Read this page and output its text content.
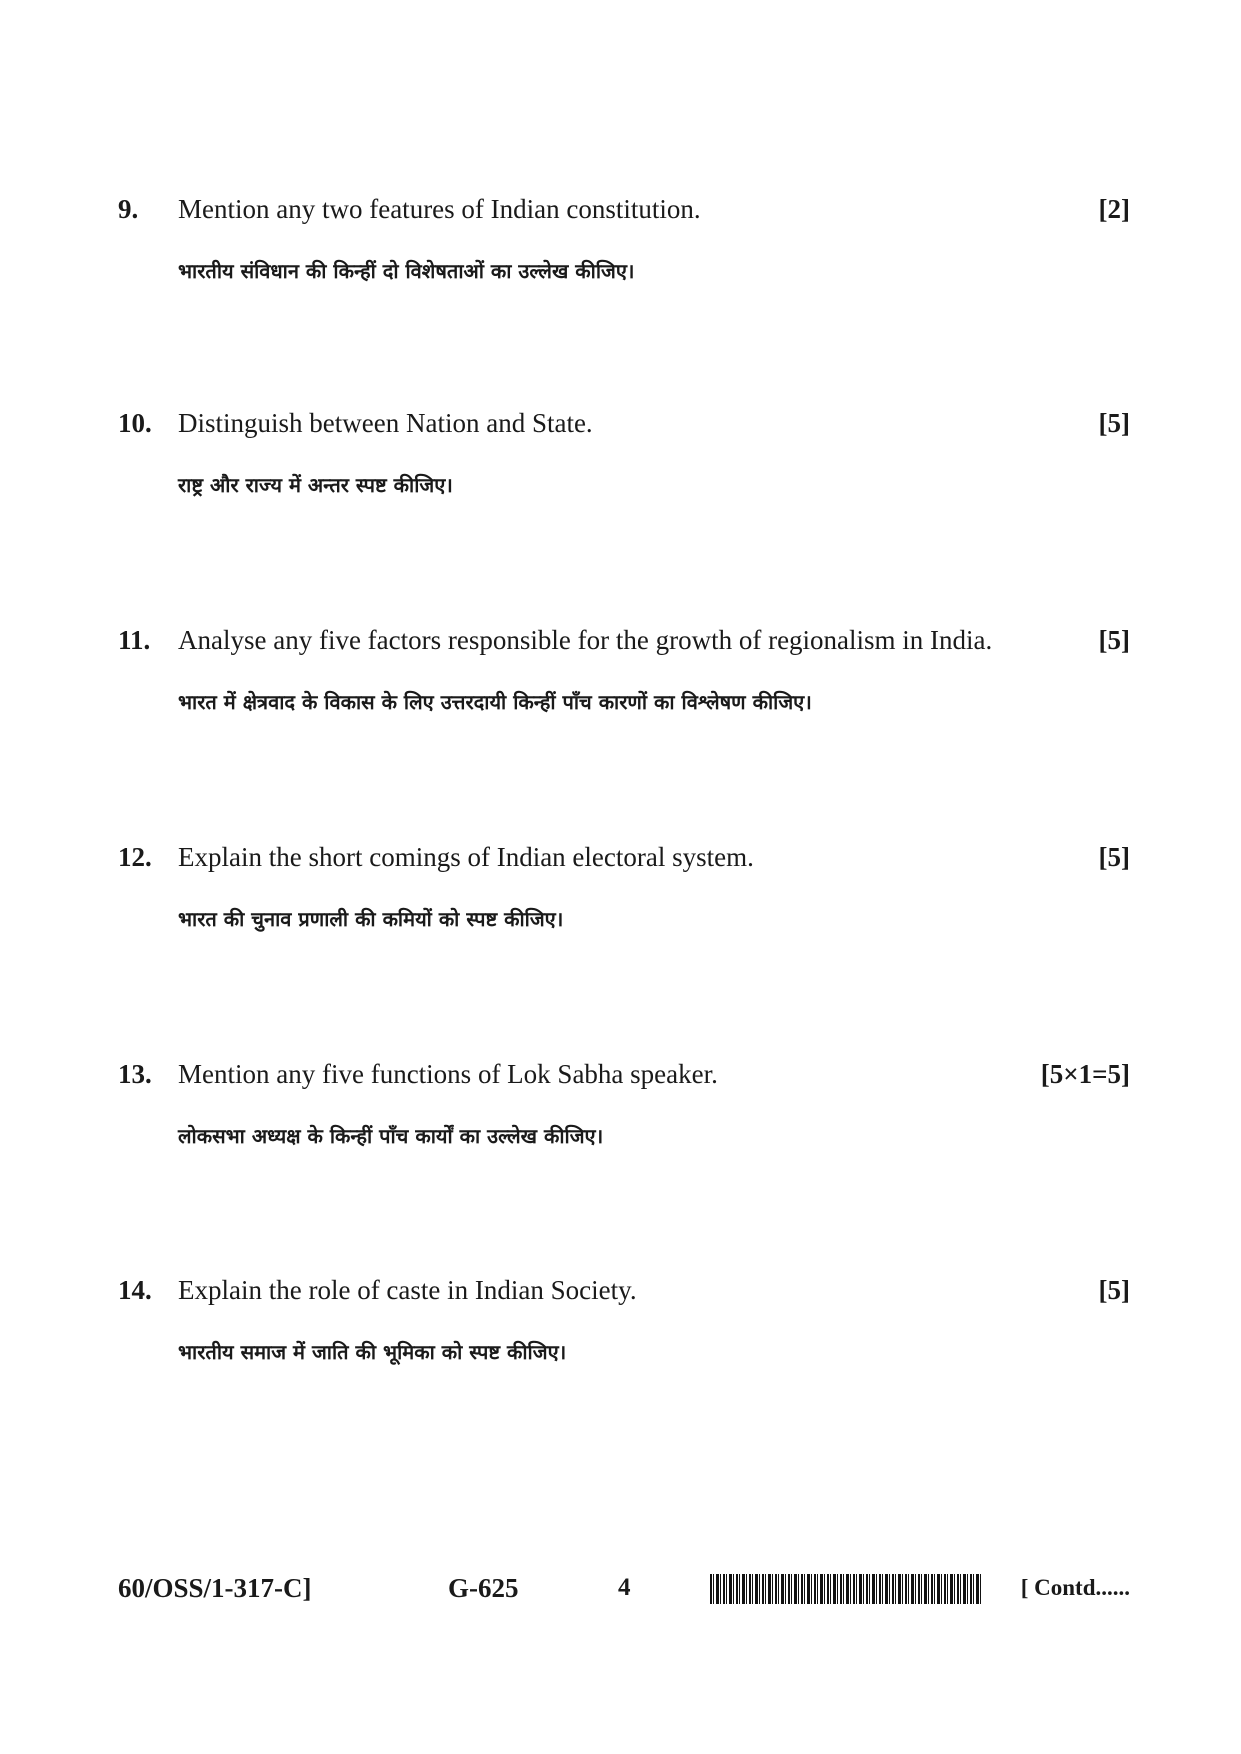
9. Mention any two features of Indian constitution.	[2]
भारतीय संविधान की किन्हीं दो विशेषताओं का उल्लेख कीजिए।
10. Distinguish between Nation and State.	[5]
राष्ट्र और राज्य में अन्तर स्पष्ट कीजिए।
11. Analyse any five factors responsible for the growth of regionalism in India.	[5]
भारत में क्षेत्रवाद के विकास के लिए उत्तरदायी किन्हीं पाँच कारणों का विश्लेषण कीजिए।
12. Explain the short comings of Indian electoral system.	[5]
भारत की चुनाव प्रणाली की कमियों को स्पष्ट कीजिए।
13. Mention any five functions of Lok Sabha speaker.	[5×1=5]
लोकसभा अध्यक्ष के किन्हीं पाँच कार्यों का उल्लेख कीजिए।
14. Explain the role of caste in Indian Society.	[5]
भारतीय समाज में जाति की भूमिका को स्पष्ट कीजिए।
60/OSS/1-317-C]	G-625	4	[ Contd......
